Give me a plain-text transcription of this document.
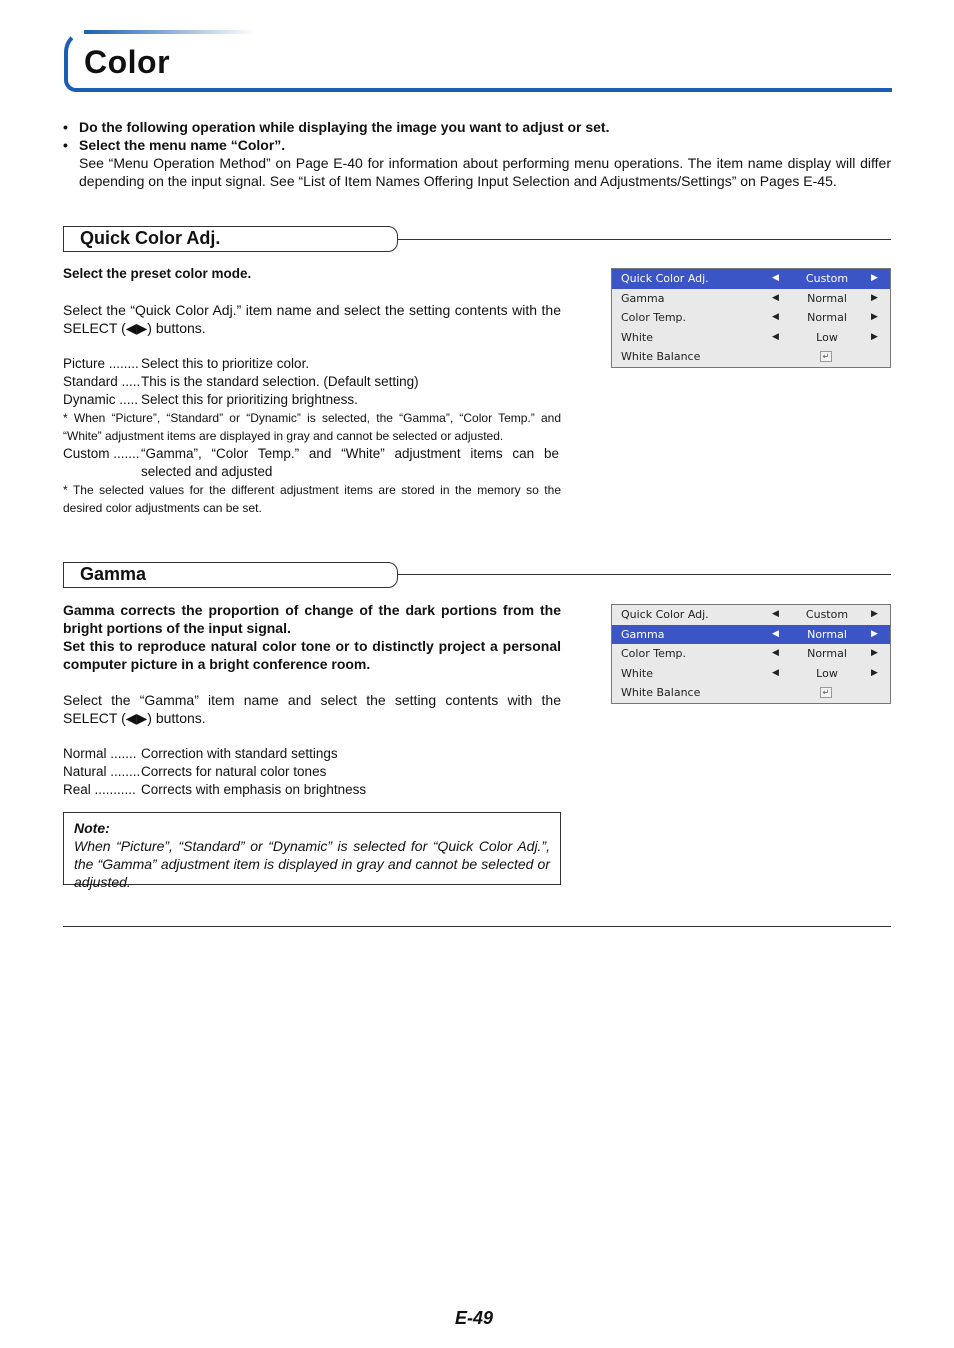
Color
• Do the following operation while displaying the image you want to adjust or set.
• Select the menu name “Color”.
See “Menu Operation Method” on Page E-40 for information about performing menu operations. The item name display will differ depending on the input signal. See “List of Item Names Offering Input Selection and Adjustments/Settings” on Pages E-45.
Quick Color Adj.
Select the preset color mode.
Select the “Quick Color Adj.” item name and select the setting contents with the SELECT (◀▶) buttons.
Picture ........ Select this to prioritize color.
Standard .....This is the standard selection. (Default setting)
Dynamic ..... Select this for prioritizing brightness.
* When “Picture”, “Standard” or “Dynamic” is selected, the “Gamma”, “Color Temp.” and “White” adjustment items are displayed in gray and cannot be selected or adjusted.
Custom .......“Gamma”, “Color Temp.” and “White” adjustment items can be selected and adjusted
* The selected values for the different adjustment items are stored in the memory so the desired color adjustments can be set.
Quick Color Adj.	◀	Custom	▶
Gamma	◀	Normal	▶
Color Temp.	◀	Normal	▶
White	◀	Low	▶
White Balance	↵
Gamma
Gamma corrects the proportion of change of the dark portions from the bright portions of the input signal.
Set this to reproduce natural color tone or to distinctly project a personal computer picture in a bright conference room.
Select the “Gamma” item name and select the setting contents with the SELECT (◀▶) buttons.
Normal ....... Correction with standard settings
Natural ........Corrects for natural color tones
Real ........... Corrects with emphasis on brightness
Quick Color Adj.	◀	Custom	▶
Gamma	◀	Normal	▶
Color Temp.	◀	Normal	▶
White	◀	Low	▶
White Balance	↵
Note:
When “Picture”, “Standard” or “Dynamic” is selected for “Quick Color Adj.”, the “Gamma” adjustment item is displayed in gray and cannot be selected or adjusted.
E-49
